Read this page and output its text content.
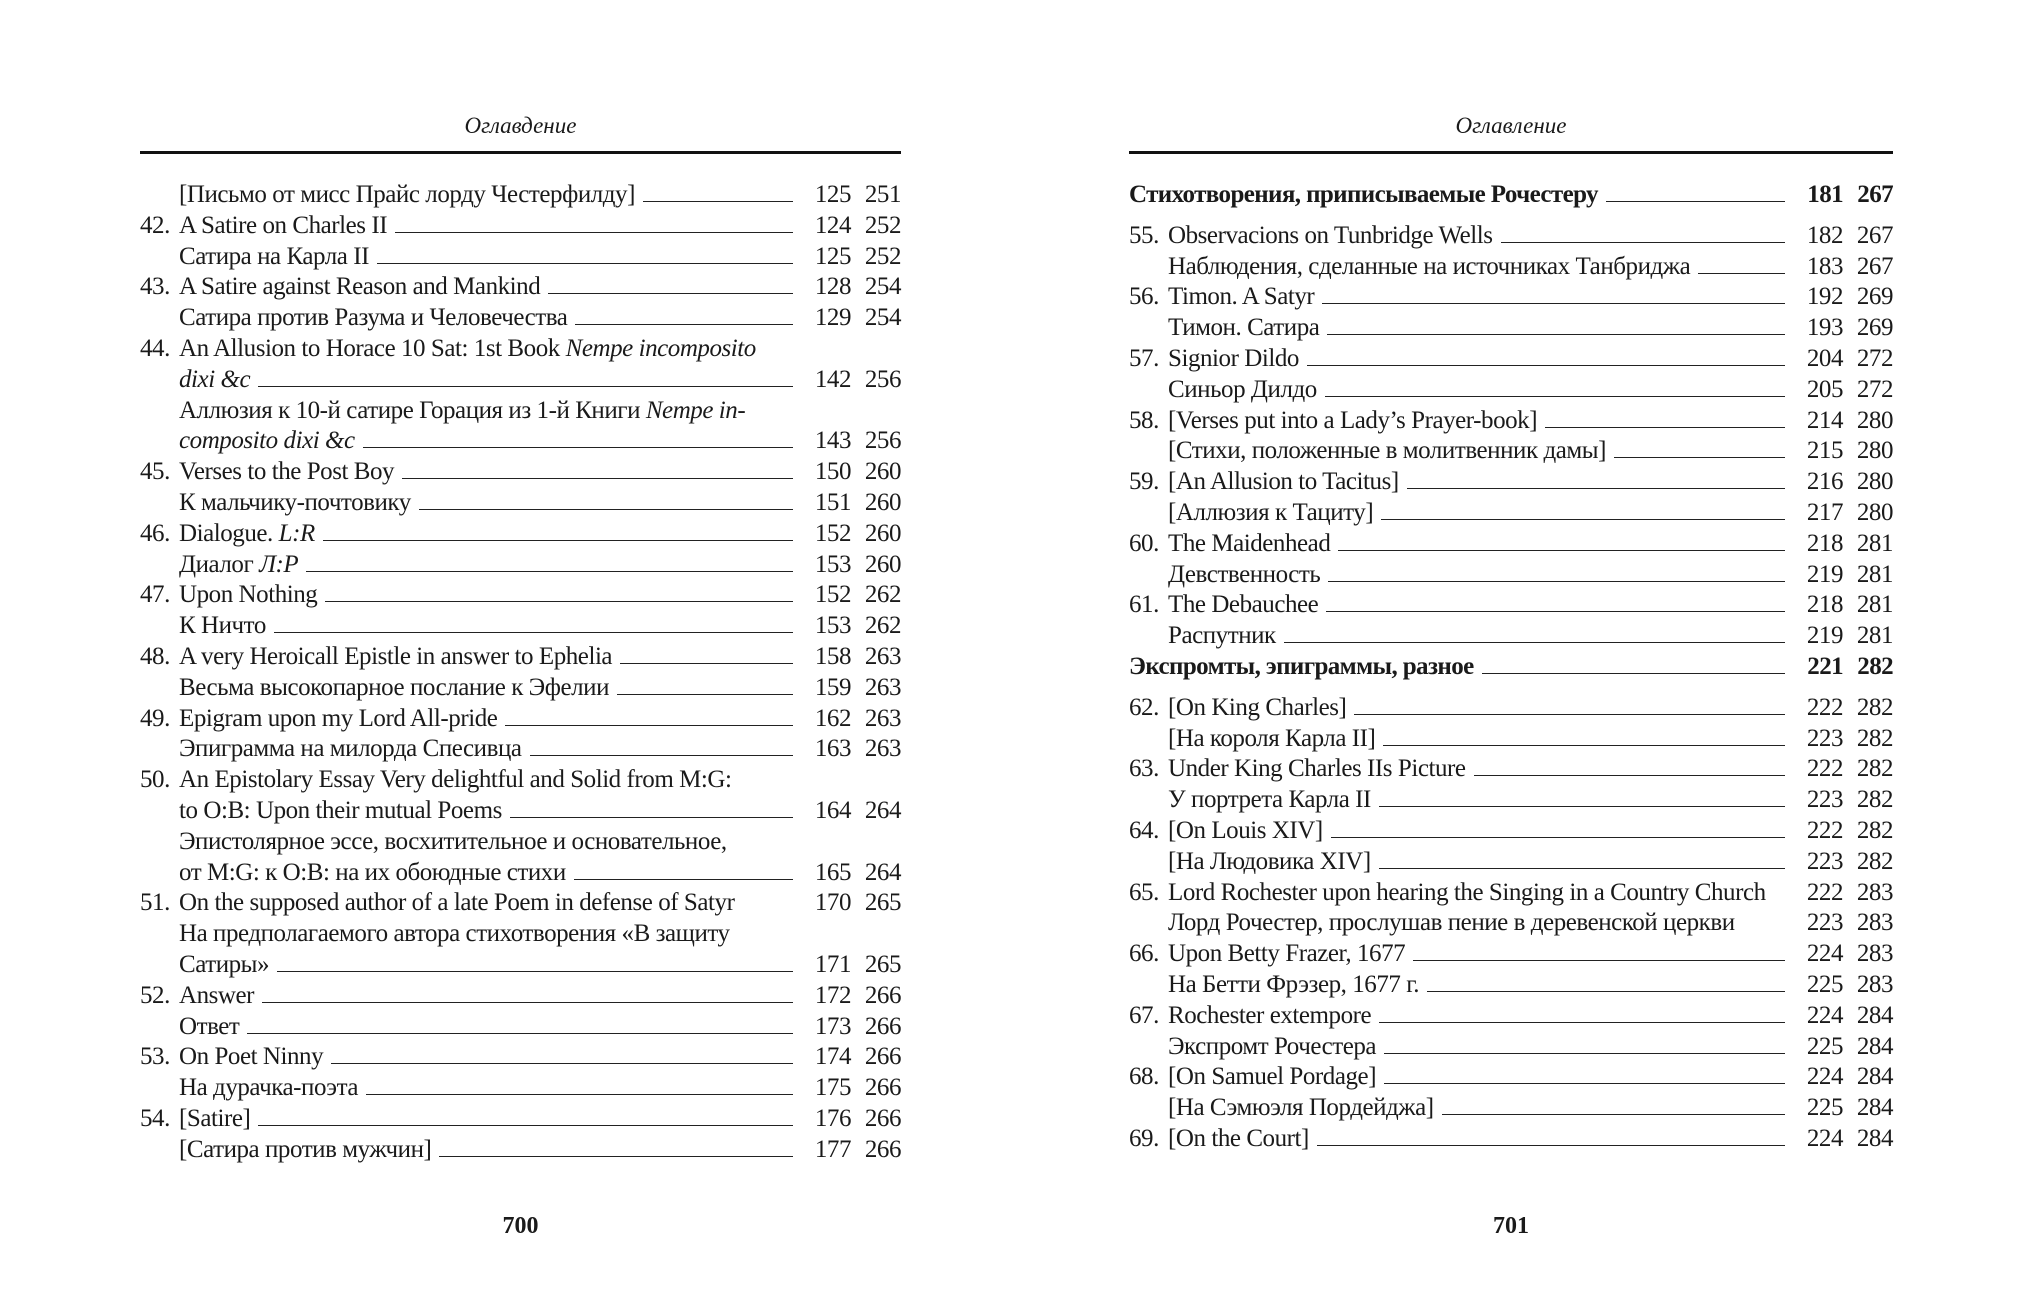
Оглавдение
[Письмо от мисс Прайс лорду Честерфилду]	125 251
42. A Satire on Charles II	124 252
Сатира на Карла II	125 252
43. A Satire against Reason and Mankind	128 254
Сатира против Разума и Человечества	129 254
44. An Allusion to Horace 10 Sat: 1st Book Nempe incomposito
dixi &c	142 256
Аллюзия к 10-й сатире Горация из 1-й Книги Nempe in-
composito dixi &c	143 256
45. Verses to the Post Boy	150 260
К мальчику-почтовику	151 260
46. Dialogue. L:R	152 260
Диалог Л:Р	153 260
47. Upon Nothing	152 262
К Ничто	153 262
48. A very Heroicall Epistle in answer to Ephelia	158 263
Весьма высокопарное послание к Эфелии	159 263
49. Epigram upon my Lord All-pride	162 263
Эпиграмма на милорда Спесивца	163 263
50. An Epistolary Essay Very delightful and Solid from M:G:
to O:B: Upon their mutual Poems	164 264
Эпистолярное эссе, восхитительное и основательное,
от M:G: к O:B: на их обоюдные стихи	165 264
51. On the supposed author of a late Poem in defense of Satyr	170 265
На предполагаемого автора стихотворения «В защиту
Сатиры»	171 265
52. Answer	172 266
Ответ	173 266
53. On Poet Ninny	174 266
На дурачка-поэта	175 266
54. [Satire]	176 266
[Сатира против мужчин]	177 266
700
Оглавление
Стихотворения, приписываемые Рочестеру	181 267
55. Observacions on Tunbridge Wells	182 267
Наблюдения, сделанные на источниках Танбриджа	183 267
56. Timon. A Satyr	192 269
Тимон. Сатира	193 269
57. Signior Dildo	204 272
Синьор Дилдо	205 272
58. [Verses put into a Lady’s Prayer-book]	214 280
[Стихи, положенные в молитвенник дамы]	215 280
59. [An Allusion to Tacitus]	216 280
[Аллюзия к Тациту]	217 280
60. The Maidenhead	218 281
Девственность	219 281
61. The Debauchee	218 281
Распутник	219 281
Экспромты, эпиграммы, разное	221 282
62. [On King Charles]	222 282
[На короля Карла II]	223 282
63. Under King Charles IIs Picture	222 282
У портрета Карла II	223 282
64. [On Louis XIV]	222 282
[На Людовика XIV]	223 282
65. Lord Rochester upon hearing the Singing in a Country Church	222 283
Лорд Рочестер, прослушав пение в деревенской церкви	223 283
66. Upon Betty Frazer, 1677	224 283
На Бетти Фрэзер, 1677 г.	225 283
67. Rochester extempore	224 284
Экспромт Рочестера	225 284
68. [On Samuel Pordage]	224 284
[На Сэмюэля Пордейджа]	225 284
69. [On the Court]	224 284
701
